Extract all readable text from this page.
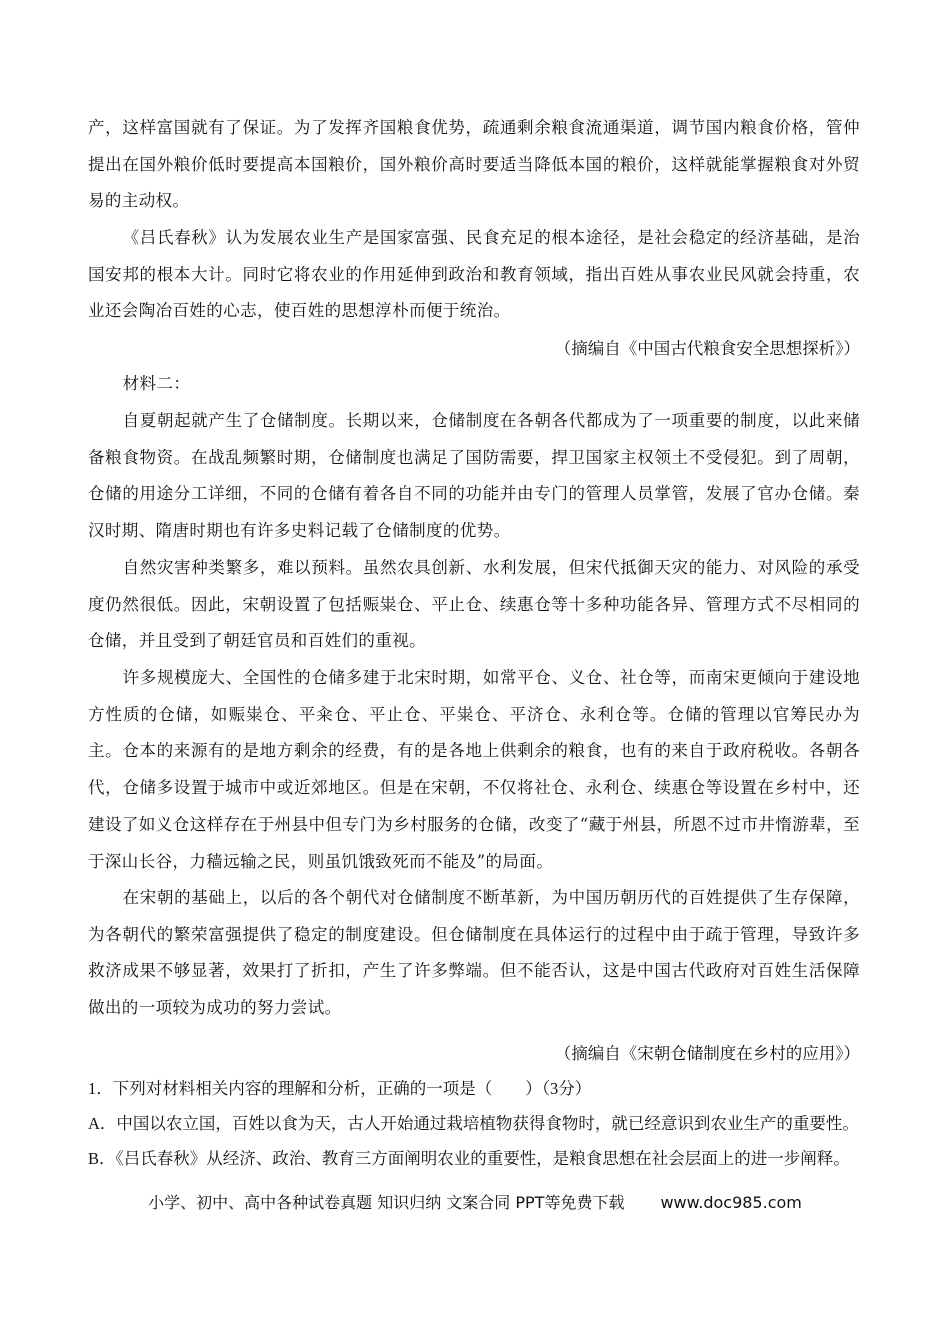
产，这样富国就有了保证。为了发挥齐国粮食优势，疏通剩余粮食流通渠道，调节国内粮食价格，管仲提出在国外粮价低时要提高本国粮价，国外粮价高时要适当降低本国的粮价，这样就能掌握粮食对外贸易的主动权。

《吕氏春秋》认为发展农业生产是国家富强、民食充足的根本途径，是社会稳定的经济基础，是治国安邦的根本大计。同时它将农业的作用延伸到政治和教育领域，指出百姓从事农业民风就会持重，农业还会陶冶百姓的心志，使百姓的思想淳朴而便于统治。

（摘编自《中国古代粮食安全思想探析》）

材料二：

自夏朝起就产生了仓储制度。长期以来，仓储制度在各朝各代都成为了一项重要的制度，以此来储备粮食物资。在战乱频繁时期，仓储制度也满足了国防需要，捍卫国家主权领土不受侵犯。到了周朝，仓储的用途分工详细，不同的仓储有着各自不同的功能并由专门的管理人员掌管，发展了官办仓储。秦汉时期、隋唐时期也有许多史料记载了仓储制度的优势。

自然灾害种类繁多，难以预料。虽然农具创新、水利发展，但宋代抵御天灾的能力、对风险的承受度仍然很低。因此，宋朝设置了包括赈粜仓、平止仓、续惠仓等十多种功能各异、管理方式不尽相同的仓储，并且受到了朝廷官员和百姓们的重视。

许多规模庞大、全国性的仓储多建于北宋时期，如常平仓、义仓、社仓等，而南宋更倾向于建设地方性质的仓储，如赈粜仓、平籴仓、平止仓、平粜仓、平济仓、永利仓等。仓储的管理以官筹民办为主。仓本的来源有的是地方剩余的经费，有的是各地上供剩余的粮食，也有的来自于政府税收。各朝各代，仓储多设置于城市中或近郊地区。但是在宋朝，不仅将社仓、永利仓、续惠仓等设置在乡村中，还建设了如义仓这样存在于州县中但专门为乡村服务的仓储，改变了“藏于州县，所恩不过市井惰游辈，至于深山长谷，力穑远输之民，则虽饥饿致死而不能及”的局面。

在宋朝的基础上，以后的各个朝代对仓储制度不断革新，为中国历朝历代的百姓提供了生存保障，为各朝代的繁荣富强提供了稳定的制度建设。但仓储制度在具体运行的过程中由于疏于管理，导致许多救济成果不够显著，效果打了折扣，产生了许多弊端。但不能否认，这是中国古代政府对百姓生活保障做出的一项较为成功的努力尝试。

（摘编自《宋朝仓储制度在乡村的应用》）
1．下列对材料相关内容的理解和分析，正确的一项是（　　）（3分）
A．中国以农立国，百姓以食为天，古人开始通过栽培植物获得食物时，就已经意识到农业生产的重要性。
B．《吕氏春秋》从经济、政治、教育三方面阐明农业的重要性，是粮食思想在社会层面上的进一步阐释。
小学、初中、高中各种试卷真题 知识归纳 文案合同 PPT等免费下载 www.doc985.com
